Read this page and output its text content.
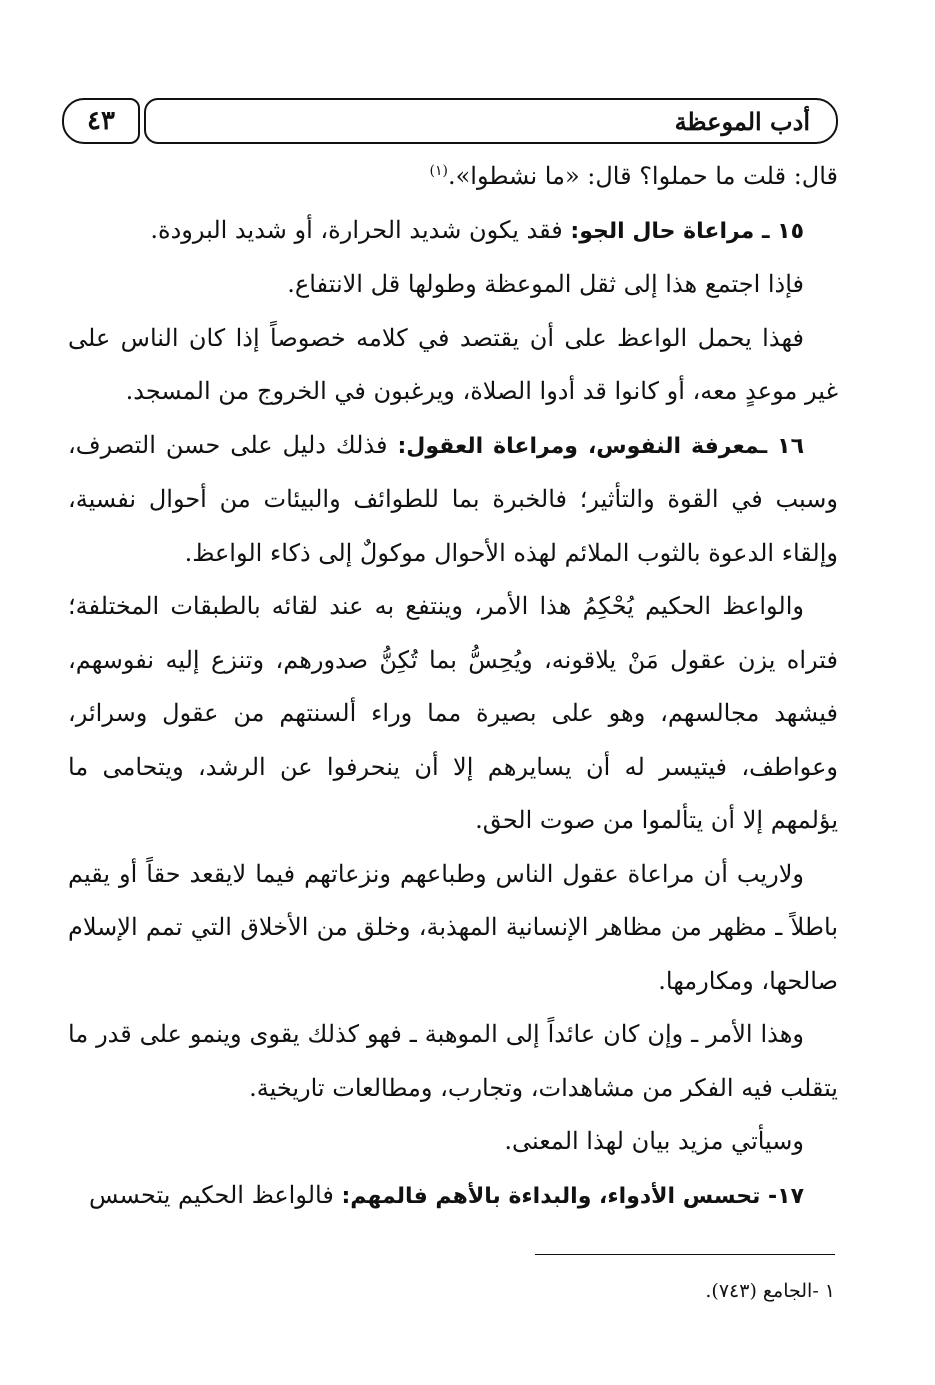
٤٣	أدب الموعظة

قال: قلت ما حملوا؟ قال: «ما نشطوا».$^{(١)}$

١٥ ـ مراعاة حال الجو: فقد يكون شديد الحرارة، أو شديد البرودة.

فإذا اجتمع هذا إلى ثقل الموعظة وطولها قل الانتفاع.

فهذا يحمل الواعظ على أن يقتصد في كلامه خصوصاً إذا كان الناس على غير موعدٍ معه، أو كانوا قد أدوا الصلاة، ويرغبون في الخروج من المسجد.

١٦ ـمعرفة النفوس، ومراعاة العقول: فذلك دليل على حسن التصرف، وسبب في القوة والتأثير؛ فالخبرة بما للطوائف والبيئات من أحوال نفسية، وإلقاء الدعوة بالثوب الملائم لهذه الأحوال موكولٌ إلى ذكاء الواعظ.

والواعظ الحكيم يُحْكِمُ هذا الأمر، وينتفع به عند لقائه بالطبقات المختلفة؛ فتراه يزن عقول مَنْ يلاقونه، ويُحِسُّ بما تُكِنُّ صدورهم، وتنزع إليه نفوسهم، فيشهد مجالسهم، وهو على بصيرة مما وراء ألسنتهم من عقول وسرائر، وعواطف، فيتيسر له أن يسايرهم إلا أن ينحرفوا عن الرشد، ويتحامى ما يؤلمهم إلا أن يتألموا من صوت الحق.

ولاريب أن مراعاة عقول الناس وطباعهم ونزعاتهم فيما لايقعد حقاً أو يقيم باطلاً ـ مظهر من مظاهر الإنسانية المهذبة، وخلق من الأخلاق التي تمم الإسلام صالحها، ومكارمها.

وهذا الأمر ـ وإن كان عائداً إلى الموهبة ـ فهو كذلك يقوى وينمو على قدر ما يتقلب فيه الفكر من مشاهدات، وتجارب، ومطالعات تاريخية.

وسيأتي مزيد بيان لهذا المعنى.

١٧- تحسس الأدواء، والبداءة بالأهم فالمهم: فالواعظ الحكيم يتحسس

١ -الجامع (٧٤٣).
